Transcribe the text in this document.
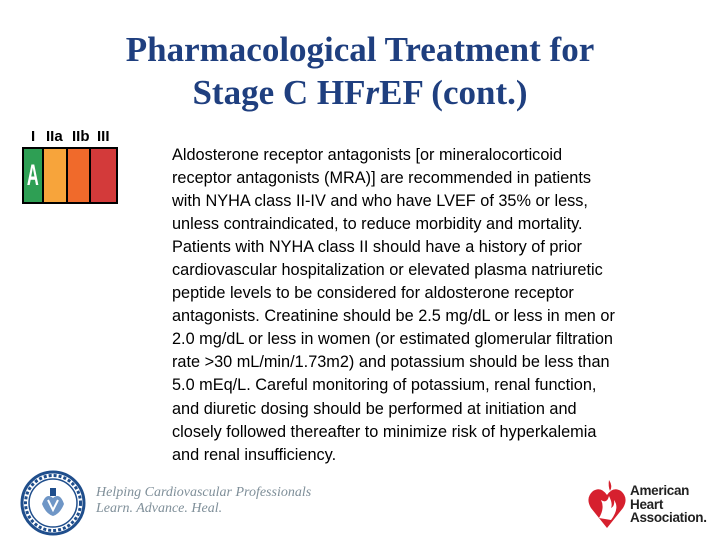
Pharmacological Treatment for
Stage C HFrEF (cont.)
I IIa IIb III
A
Aldosterone receptor antagonists [or mineralocorticoid
receptor antagonists (MRA)] are recommended in patients
with NYHA class II-IV and who have LVEF of 35% or less,
unless contraindicated, to reduce morbidity and mortality.
Patients with NYHA class II should have a history of prior
cardiovascular hospitalization or elevated plasma natriuretic
peptide levels to be considered for aldosterone receptor
antagonists. Creatinine should be 2.5 mg/dL or less in men or
2.0 mg/dL or less in women (or estimated glomerular filtration
rate >30 mL/min/1.73m2) and potassium should be less than
5.0 mEq/L. Careful monitoring of potassium, renal function,
and diuretic dosing should be performed at initiation and
closely followed thereafter to minimize risk of hyperkalemia
and renal insufficiency.
Helping Cardiovascular Professionals
Learn. Advance. Heal.
American
Heart
Association.
